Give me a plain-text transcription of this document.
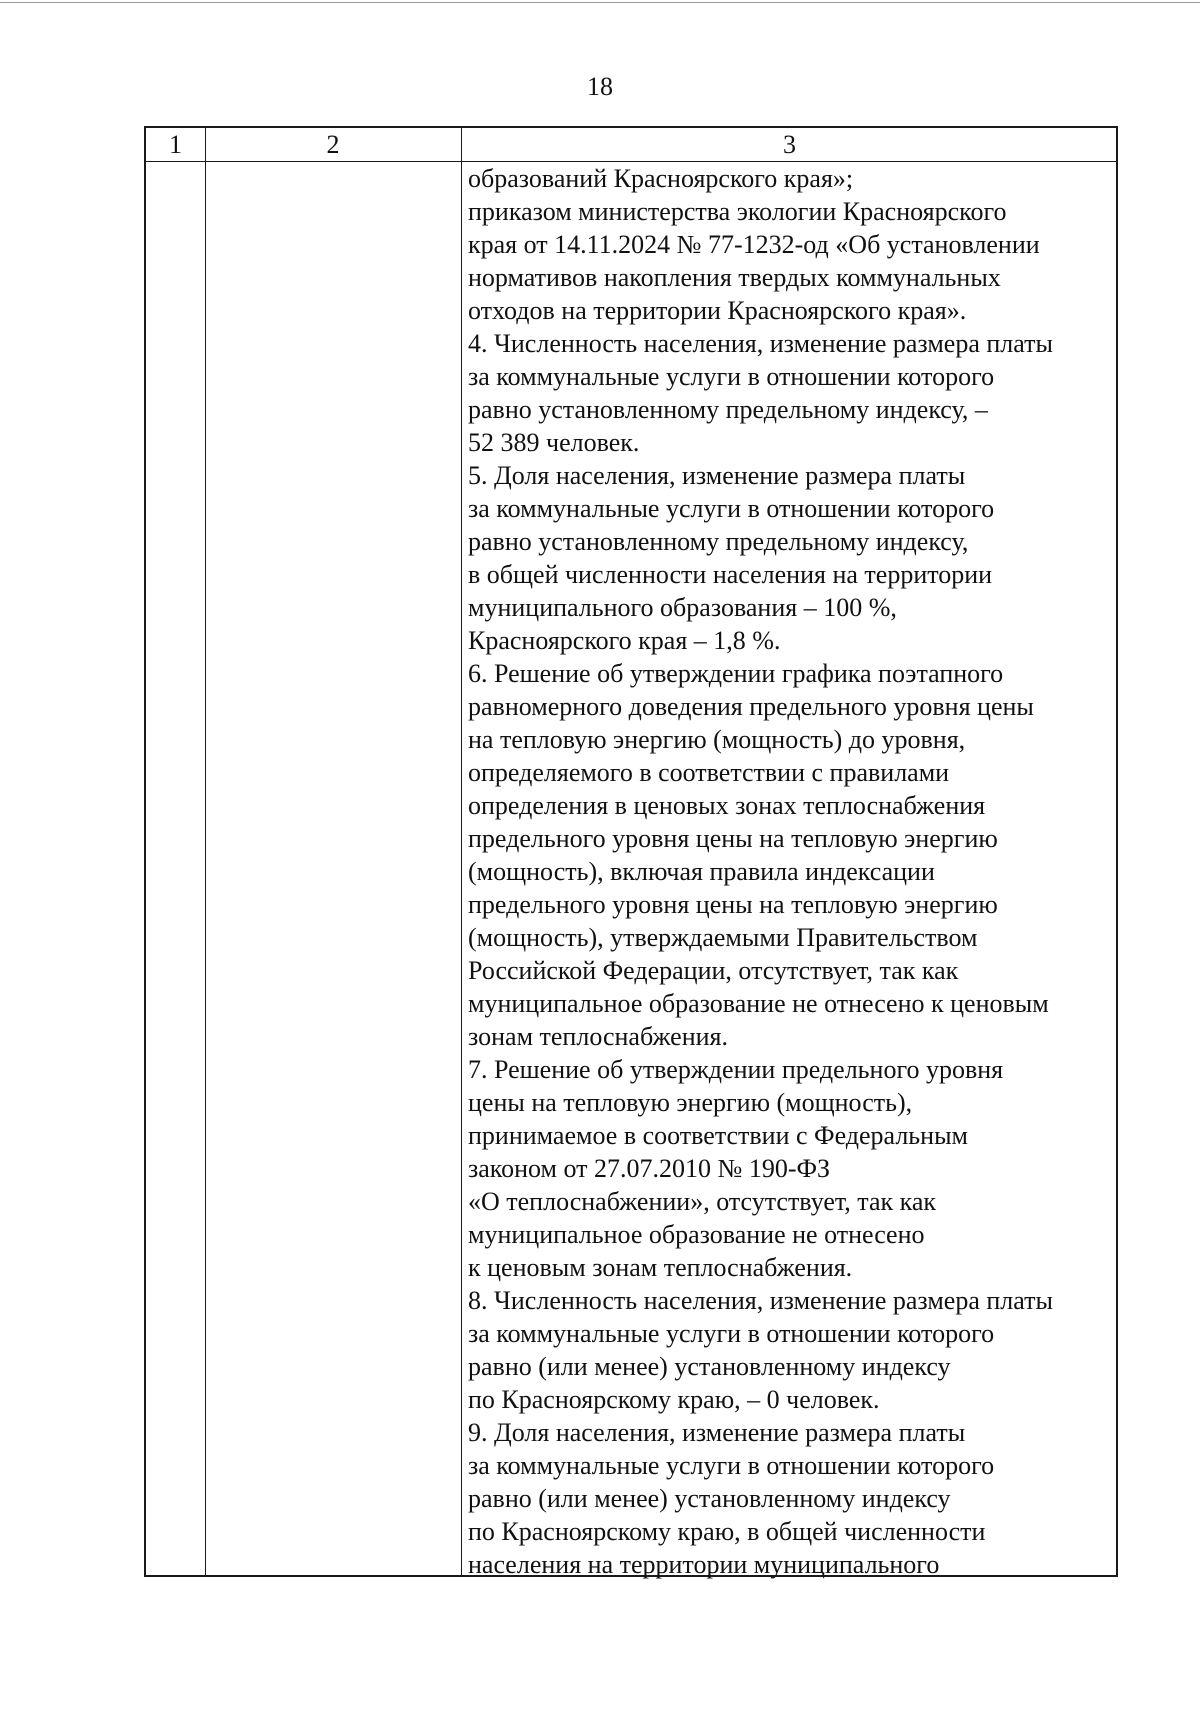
18
1	2	3
образований Красноярского края»;
приказом министерства экологии Красноярского
края от 14.11.2024 № 77-1232-од «Об установлении
нормативов накопления твердых коммунальных
отходов на территории Красноярского края».
4. Численность населения, изменение размера платы
за коммунальные услуги в отношении которого
равно установленному предельному индексу, –
52 389 человек.
5. Доля населения, изменение размера платы
за коммунальные услуги в отношении которого
равно установленному предельному индексу,
в общей численности населения на территории
муниципального образования – 100 %,
Красноярского края – 1,8 %.
6. Решение об утверждении графика поэтапного
равномерного доведения предельного уровня цены
на тепловую энергию (мощность) до уровня,
определяемого в соответствии с правилами
определения в ценовых зонах теплоснабжения
предельного уровня цены на тепловую энергию
(мощность), включая правила индексации
предельного уровня цены на тепловую энергию
(мощность), утверждаемыми Правительством
Российской Федерации, отсутствует, так как
муниципальное образование не отнесено к ценовым
зонам теплоснабжения.
7. Решение об утверждении предельного уровня
цены на тепловую энергию (мощность),
принимаемое в соответствии с Федеральным
законом от 27.07.2010 № 190-ФЗ
«О теплоснабжении», отсутствует, так как
муниципальное образование не отнесено
к ценовым зонам теплоснабжения.
8. Численность населения, изменение размера платы
за коммунальные услуги в отношении которого
равно (или менее) установленному индексу
по Красноярскому краю, – 0 человек.
9. Доля населения, изменение размера платы
за коммунальные услуги в отношении которого
равно (или менее) установленному индексу
по Красноярскому краю, в общей численности
населения на территории муниципального
